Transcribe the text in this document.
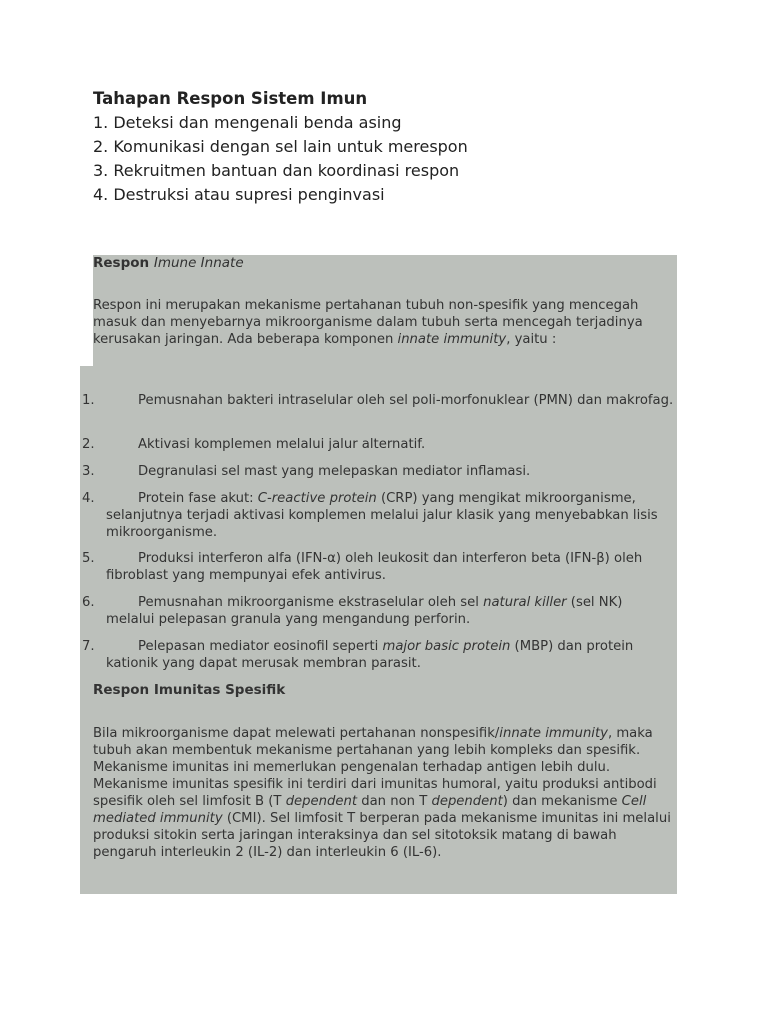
Tahapan Respon Sistem Imun

1. Deteksi dan mengenali benda asing

2. Komunikasi dengan sel lain untuk merespon

3. Rekruitmen bantuan dan koordinasi respon

4. Destruksi atau supresi penginvasi

Respon Imune Innate
Respon ini merupakan mekanisme pertahanan tubuh non-spesifik yang mencegah masuk dan menyebarnya mikroorganisme dalam tubuh serta mencegah terjadinya kerusakan jaringan. Ada beberapa komponen innate immunity, yaitu :
1.	Pemusnahan bakteri intraselular oleh sel poli-morfonuklear (PMN) dan makrofag.
2.	Aktivasi komplemen melalui jalur alternatif.
3.	Degranulasi sel mast yang melepaskan mediator inflamasi.
4.	Protein fase akut: C-reactive protein (CRP) yang mengikat mikroorganisme, selanjutnya terjadi aktivasi komplemen melalui jalur klasik yang menyebabkan lisis mikroorganisme.
5.	Produksi interferon alfa (IFN-α) oleh leukosit dan interferon beta (IFN-β) oleh fibroblast yang mempunyai efek antivirus.
6.	Pemusnahan mikroorganisme ekstraselular oleh sel natural killer (sel NK) melalui pelepasan granula yang mengandung perforin.
7.	Pelepasan mediator eosinofil seperti major basic protein (MBP) dan protein kationik yang dapat merusak membran parasit.
Respon Imunitas Spesifik
Bila mikroorganisme dapat melewati pertahanan nonspesifik/innate immunity, maka tubuh akan membentuk mekanisme pertahanan yang lebih kompleks dan spesifik. Mekanisme imunitas ini memerlukan pengenalan terhadap antigen lebih dulu. Mekanisme imunitas spesifik ini terdiri dari imunitas humoral, yaitu produksi antibodi spesifik oleh sel limfosit B (T dependent dan non T dependent) dan mekanisme Cell mediated immunity (CMI). Sel limfosit T berperan pada mekanisme imunitas ini melalui produksi sitokin serta jaringan interaksinya dan sel sitotoksik matang di bawah pengaruh interleukin 2 (IL-2) dan interleukin 6 (IL-6).
